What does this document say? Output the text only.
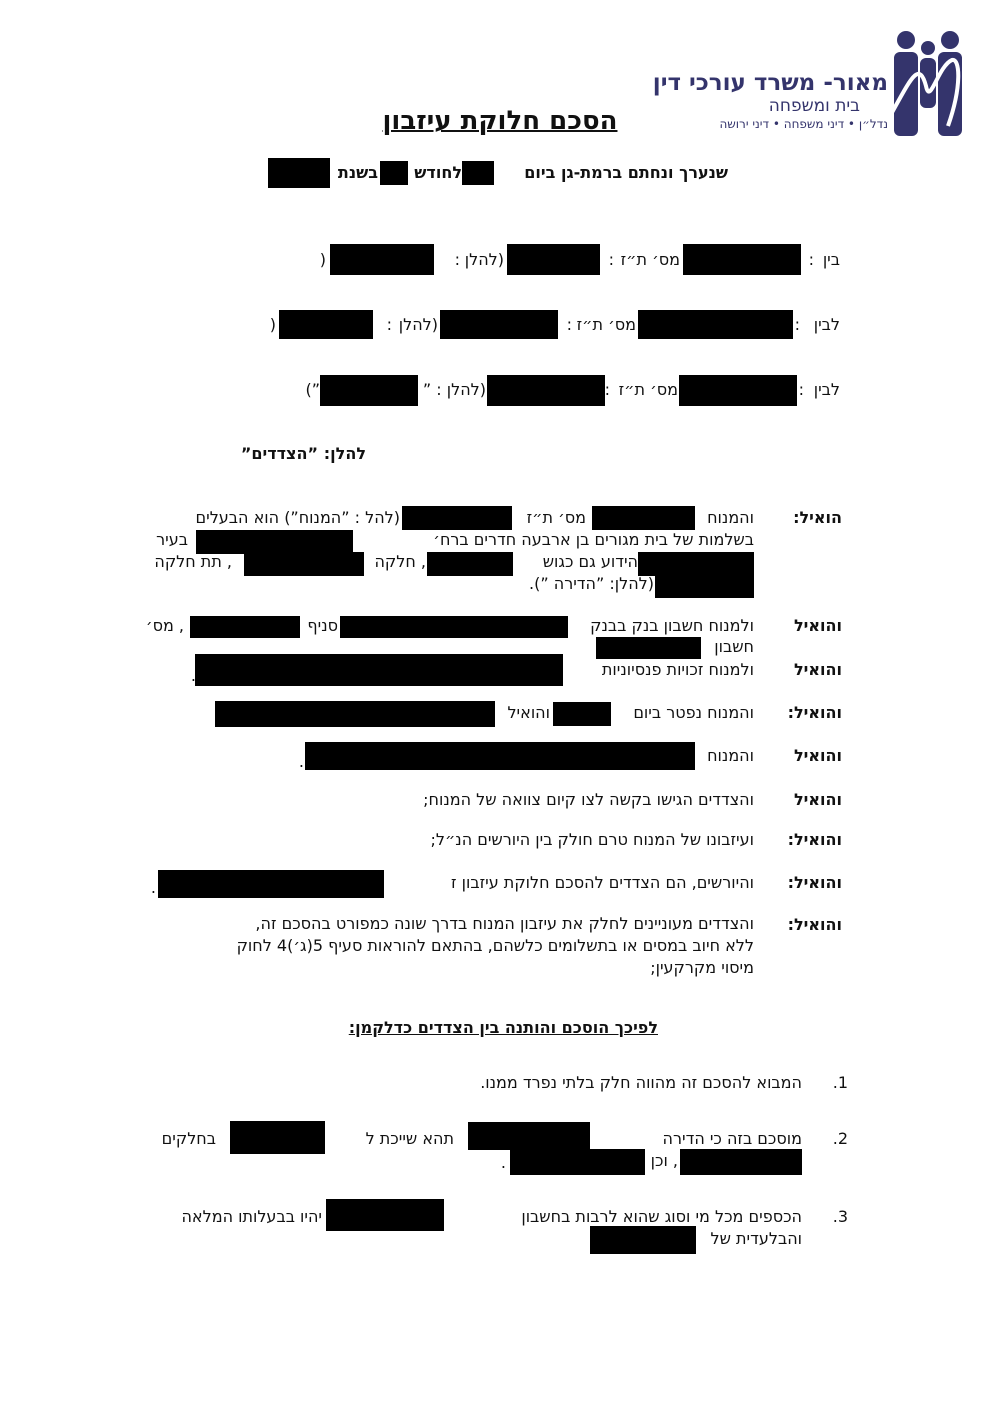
מאור- משרד עורכי דין
בית ומשפחה
נדל״ן • דיני משפחה • דיני ירושה
הסכם חלוקת עיזבון
שנערך ונחתם ברמת-גן ביום
לחודש
בשנת
בין
:
מס׳ ת״ז
:
(להלן
:
(
לבין
:
מס׳ ת״ז
:
(להלן
:
(
לבין
:
מס׳ ת״ז
:
(להלן : ”
”)
להלן:
”הצדדים”
הואיל:
והמנוח
מס׳ ת״ז
(להל : ”המנוח”) הוא הבעלים
בשלמות של בית מגורים בן ארבעה חדרים ברח׳
בעיר
הידוע גם כגוש
, חלקה
, תת חלקה
(להלן: ”הדירה ”).
והואיל
ולמנוח חשבון בנק בבנק
סניף
, מס׳
חשבון
והואיל
ולמנוח זכויות פנסיוניות
.
והואיל:
והמנוח נפטר ביום
והואיל
והואיל
והמנוח
.
והואיל
והצדדים הגישו בקשה לצו קיום צוואה של המנוח;
והואיל:
ועיזבונו של המנוח טרם חולק בין היורשים הנ״ל;
והואיל:
והיורשים, הם הצדדים להסכם חלוקת עיזבון ז
.
והואיל:
והצדדים מעוניינים לחלק את עיזבון המנוח בדרך שונה כמפורט בהסכם זה,
ללא חיוב במסים או בתשלומים כלשהם, בהתאם להוראות סעיף 5(ג׳)4 לחוק
מיסוי מקרקעין;
לפיכך הוסכם והותנה בין הצדדים כדלקמן:
.1
המבוא להסכם זה מהווה חלק בלתי נפרד ממנו.
.2
מוסכם בזה כי הדירה
תהא שייכת ל
בחלקים
, וכן
.
.3
הכספים מכל מי וסוג שהוא לרבות בחשבון
יהיו בבעלותו המלאה
והבלעדית של
